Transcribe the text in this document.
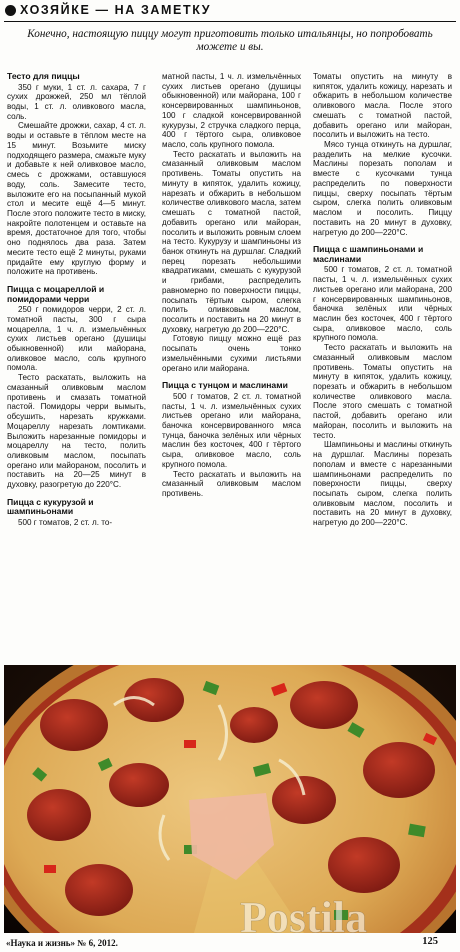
ХОЗЯЙКЕ — НА ЗАМЕТКУ

Конечно, настоящую пиццу могут приготовить только итальянцы, но попробовать можете и вы.

Тесто для пиццы

350 г муки, 1 ст. л. сахара, 7 г сухих дрожжей, 250 мл тёплой воды, 1 ст. л. оливкового масла, соль.

Смешайте дрожжи, сахар, 4 ст. л. воды и оставьте в тёплом месте на 15 минут. Возьмите миску подходящего размера, смажьте муку и добавьте к ней оливковое масло, смесь с дрожжами, оставшуюся воду, соль. Замесите тесто, выложите его на посыпанный мукой стол и месите ещё 4—5 минут. После этого положите тесто в миску, накройте полотенцем и оставьте на время, достаточное для того, чтобы оно поднялось два раза. Затем месите тесто ещё 2 минуты, руками придайте ему круглую форму и положите на противень.

Пицца с моцареллой и помидорами черри

250 г помидоров черри, 2 ст. л. томатной пасты, 300 г сыра моцарелла, 1 ч. л. измельчённых сухих листьев орегано (душицы обыкновенной) или майорана, оливковое масло, соль крупного помола.

Тесто раскатать, выложить на смазанный оливковым маслом противень и смазать томатной пастой. Помидоры черри вымыть, обсушить, нарезать кружками. Моцареллу нарезать ломтиками. Выложить нарезанные помидоры и моцареллу на тесто, полить оливковым маслом, посыпать орегано или майораном, посолить и поставить на 20—25 минут в духовку, разогретую до 220°С.

Пицца с кукурузой и шампиньонами

500 г томатов, 2 ст. л. то-

матной пасты, 1 ч. л. измельчённых сухих листьев орегано (душицы обыкновенной) или майорана, 100 г консервированных шампиньонов, 100 г сладкой консервированной кукурузы, 2 стручка сладкого перца, 400 г тёртого сыра, оливковое масло, соль крупного помола.

Тесто раскатать и выложить на смазанный оливковым маслом противень. Томаты опустить на минуту в кипяток, удалить кожицу, нарезать и обжарить в небольшом количестве оливкового масла, затем смешать с томатной пастой, добавить орегано или майоран, посолить и выложить ровным слоем на тесто. Кукурузу и шампиньоны из банок откинуть на дуршлаг. Сладкий перец порезать небольшими квадратиками, смешать с кукурузой и грибами, распределить равномерно по поверхности пиццы, посыпать тёртым сыром, слегка полить оливковым маслом, посолить и поставить на 20 минут в духовку, нагретую до 200—220°С.

Готовую пиццу можно ещё раз посыпать очень тонко измельчёнными сухими листьями орегано или майорана.

Пицца с тунцом и маслинами

500 г томатов, 2 ст. л. томатной пасты, 1 ч. л. измельчённых сухих листьев орегано или майорана, баночка консервированного мяса тунца, баночка зелёных или чёрных маслин без косточек, 400 г тёртого сыра, оливковое масло, соль крупного помола.

Тесто раскатать и выложить на смазанный оливковым маслом противень.

Томаты опустить на минуту в кипяток, удалить кожицу, нарезать и обжарить в небольшом количестве оливкового масла. После этого смешать с томатной пастой, добавить орегано или майоран, посолить и выложить на тесто.

Мясо тунца откинуть на дуршлаг, разделить на мелкие кусочки. Маслины порезать пополам и вместе с кусочками тунца распределить по поверхности пиццы, сверху посыпать тёртым сыром, слегка полить оливковым маслом и посолить. Пиццу поставить на 20 минут в духовку, нагретую до 200—220°С.

Пицца с шампиньонами и маслинами

500 г томатов, 2 ст. л. томатной пасты, 1 ч. л. измельчённых сухих листьев орегано или майорана, 200 г консервированных шампиньонов, баночка зелёных или чёрных маслин без косточек, 400 г тёртого сыра, оливковое масло, соль крупного помола.

Тесто раскатать и выложить на смазанный оливковым маслом противень. Томаты опустить на минуту в кипяток, удалить кожицу, порезать и обжарить в небольшом количестве оливкового масла. После этого смешать с томатной пастой, добавить орегано или майоран, посолить и выложить на тесто.

Шампиньоны и маслины откинуть на дуршлаг. Маслины порезать пополам и вместе с нарезанными шампиньонами распределить по поверхности пиццы, сверху посыпать сыром, слегка полить оливковым маслом, посолить и поставить на 20 минут в духовку, нагретую до 200—220°С.

Postila
«Наука и жизнь» № 6, 2012.	125
